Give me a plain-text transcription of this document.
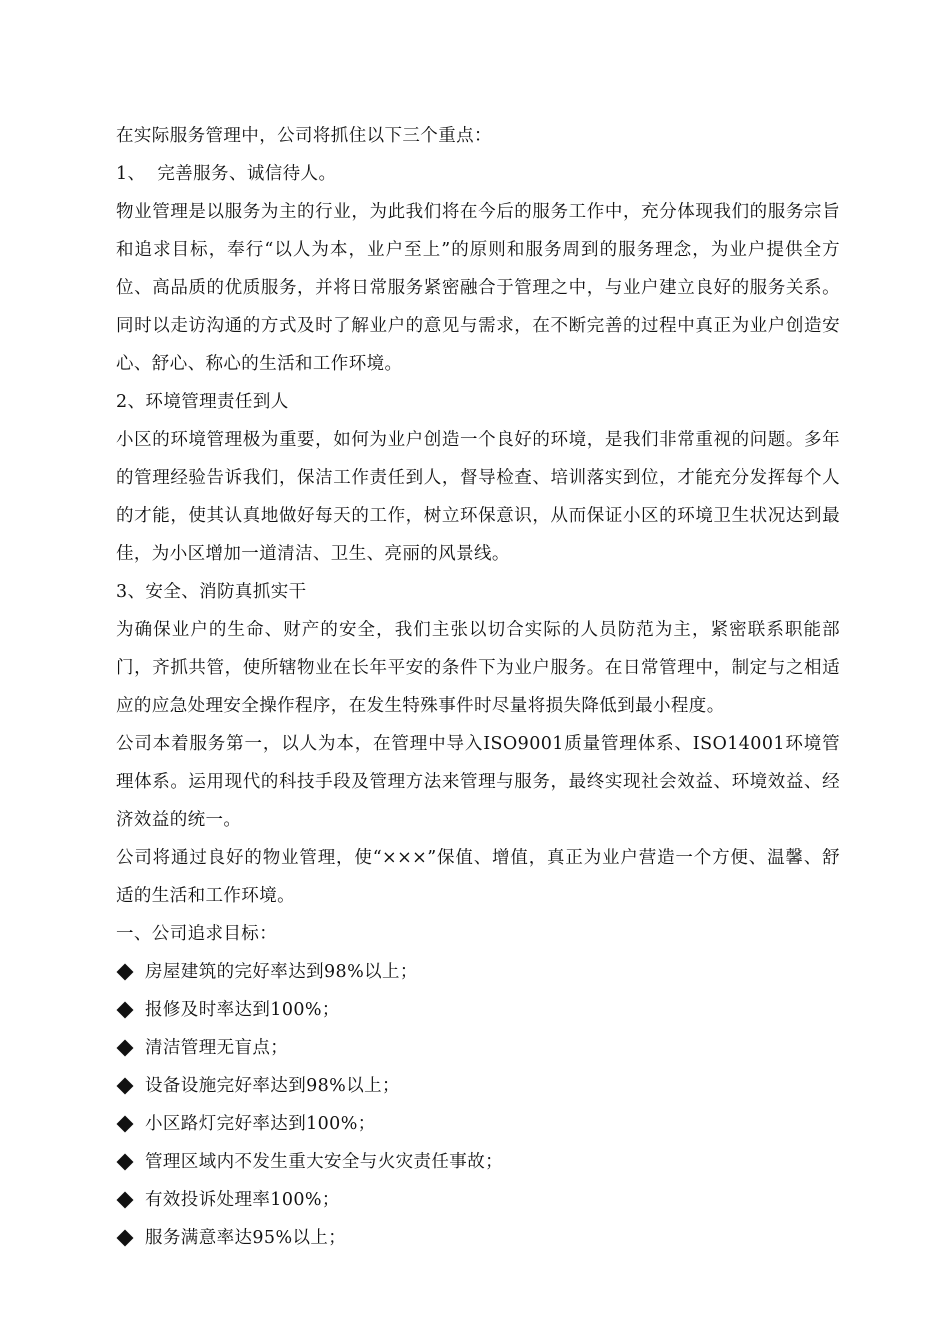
在实际服务管理中，公司将抓住以下三个重点：

1、  完善服务、诚信待人。

物业管理是以服务为主的行业，为此我们将在今后的服务工作中，充分体现我们的服务宗旨和追求目标，奉行“以人为本，业户至上”的原则和服务周到的服务理念，为业户提供全方位、高品质的优质服务，并将日常服务紧密融合于管理之中，与业户建立良好的服务关系。同时以走访沟通的方式及时了解业户的意见与需求，在不断完善的过程中真正为业户创造安心、舒心、称心的生活和工作环境。

2、环境管理责任到人

小区的环境管理极为重要，如何为业户创造一个良好的环境，是我们非常重视的问题。多年的管理经验告诉我们，保洁工作责任到人，督导检查、培训落实到位，才能充分发挥每个人的才能，使其认真地做好每天的工作，树立环保意识，从而保证小区的环境卫生状况达到最佳，为小区增加一道清洁、卫生、亮丽的风景线。

3、安全、消防真抓实干

为确保业户的生命、财产的安全，我们主张以切合实际的人员防范为主，紧密联系职能部门，齐抓共管，使所辖物业在长年平安的条件下为业户服务。在日常管理中，制定与之相适应的应急处理安全操作程序，在发生特殊事件时尽量将损失降低到最小程度。

公司本着服务第一，以人为本，在管理中导入ISO9001质量管理体系、ISO14001环境管理体系。运用现代的科技手段及管理方法来管理与服务，最终实现社会效益、环境效益、经济效益的统一。

公司将通过良好的物业管理，使“×××”保值、增值，真正为业户营造一个方便、温馨、舒适的生活和工作环境。

一、公司追求目标：

房屋建筑的完好率达到98%以上；
报修及时率达到100%；
清洁管理无盲点；
设备设施完好率达到98%以上；
小区路灯完好率达到100%；
管理区域内不发生重大安全与火灾责任事故；
有效投诉处理率100%；
服务满意率达95%以上；
